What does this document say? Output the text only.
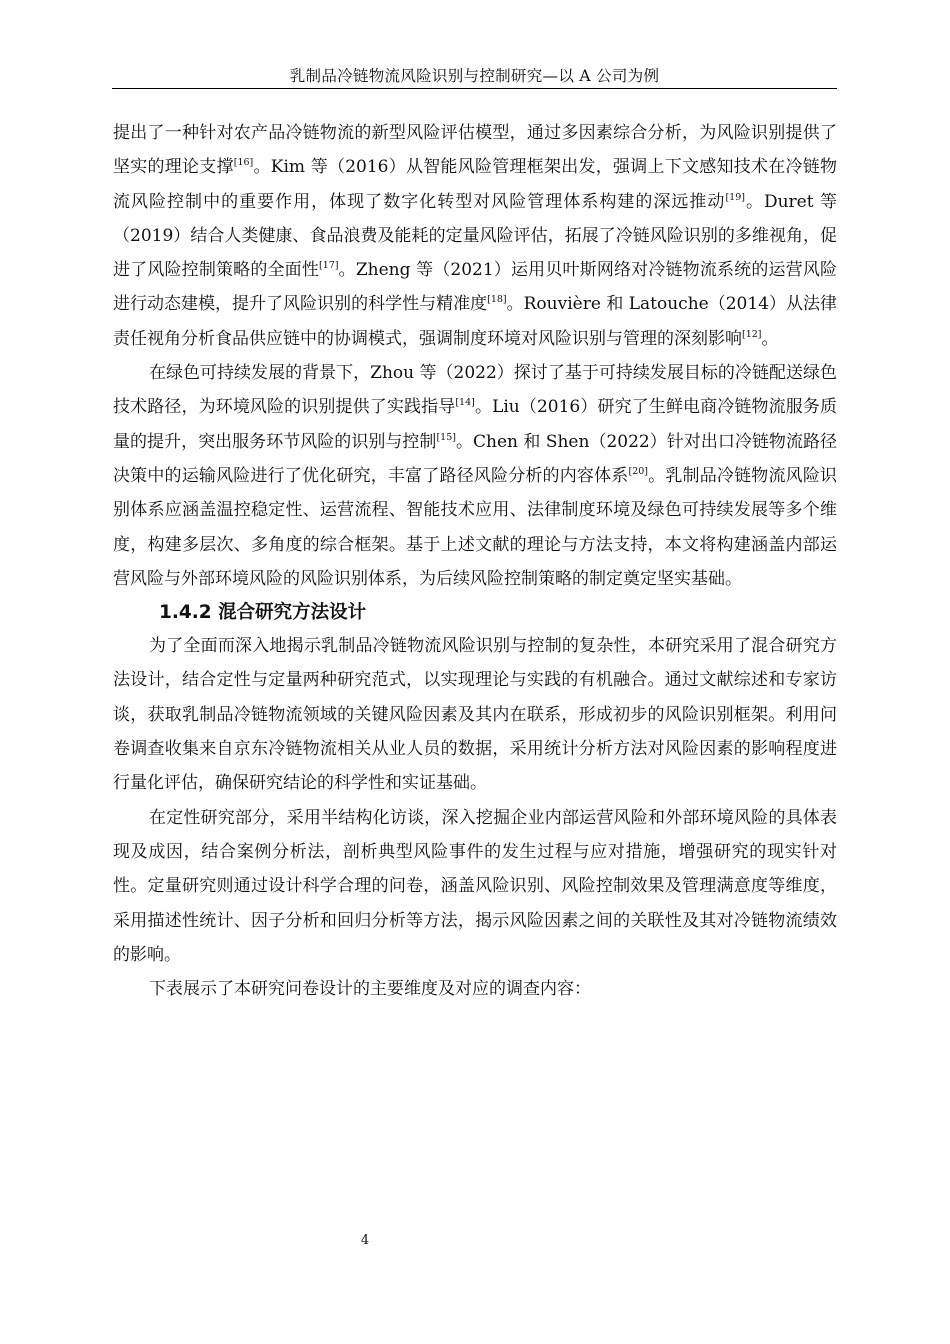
乳制品冷链物流风险识别与控制研究—以 A 公司为例

提出了一种针对农产品冷链物流的新型风险评估模型，通过多因素综合分析，为风险识别提供了坚实的理论支撑[16]。Kim 等（2016）从智能风险管理框架出发，强调上下文感知技术在冷链物流风险控制中的重要作用，体现了数字化转型对风险管理体系构建的深远推动[19]。Duret 等（2019）结合人类健康、食品浪费及能耗的定量风险评估，拓展了冷链风险识别的多维视角，促进了风险控制策略的全面性[17]。Zheng 等（2021）运用贝叶斯网络对冷链物流系统的运营风险进行动态建模，提升了风险识别的科学性与精准度[18]。Rouvière 和 Latouche（2014）从法律责任视角分析食品供应链中的协调模式，强调制度环境对风险识别与管理的深刻影响[12]。

在绿色可持续发展的背景下，Zhou 等（2022）探讨了基于可持续发展目标的冷链配送绿色技术路径，为环境风险的识别提供了实践指导[14]。Liu（2016）研究了生鲜电商冷链物流服务质量的提升，突出服务环节风险的识别与控制[15]。Chen 和 Shen（2022）针对出口冷链物流路径决策中的运输风险进行了优化研究，丰富了路径风险分析的内容体系[20]。乳制品冷链物流风险识别体系应涵盖温控稳定性、运营流程、智能技术应用、法律制度环境及绿色可持续发展等多个维度，构建多层次、多角度的综合框架。基于上述文献的理论与方法支持，本文将构建涵盖内部运营风险与外部环境风险的风险识别体系，为后续风险控制策略的制定奠定坚实基础。

1.4.2 混合研究方法设计

为了全面而深入地揭示乳制品冷链物流风险识别与控制的复杂性，本研究采用了混合研究方法设计，结合定性与定量两种研究范式，以实现理论与实践的有机融合。通过文献综述和专家访谈，获取乳制品冷链物流领域的关键风险因素及其内在联系，形成初步的风险识别框架。利用问卷调查收集来自京东冷链物流相关从业人员的数据，采用统计分析方法对风险因素的影响程度进行量化评估，确保研究结论的科学性和实证基础。

在定性研究部分，采用半结构化访谈，深入挖掘企业内部运营风险和外部环境风险的具体表现及成因，结合案例分析法，剖析典型风险事件的发生过程与应对措施，增强研究的现实针对性。定量研究则通过设计科学合理的问卷，涵盖风险识别、风险控制效果及管理满意度等维度，采用描述性统计、因子分析和回归分析等方法，揭示风险因素之间的关联性及其对冷链物流绩效的影响。

下表展示了本研究问卷设计的主要维度及对应的调查内容：

4
